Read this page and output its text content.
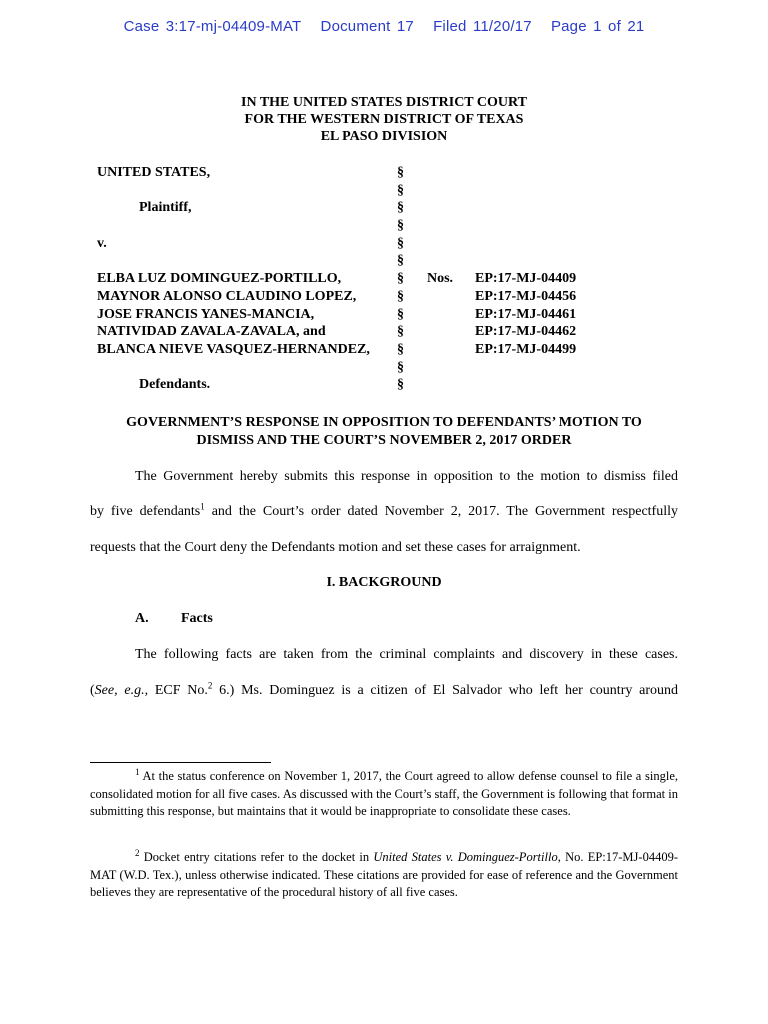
Case 3:17-mj-04409-MAT Document 17 Filed 11/20/17 Page 1 of 21
IN THE UNITED STATES DISTRICT COURT
FOR THE WESTERN DISTRICT OF TEXAS
EL PASO DIVISION
UNITED STATES,	§
§
Plaintiff,	§
§
v.	§
§
ELBA LUZ DOMINGUEZ-PORTILLO,	§ Nos. EP:17-MJ-04409
MAYNOR ALONSO CLAUDINO LOPEZ,	§	EP:17-MJ-04456
JOSE FRANCIS YANES-MANCIA,	§	EP:17-MJ-04461
NATIVIDAD ZAVALA-ZAVALA, and	§	EP:17-MJ-04462
BLANCA NIEVE VASQUEZ-HERNANDEZ, §	EP:17-MJ-04499
§
Defendants.	§
GOVERNMENT’S RESPONSE IN OPPOSITION TO DEFENDANTS’ MOTION TO
DISMISS AND THE COURT’S NOVEMBER 2, 2017 ORDER
The Government hereby submits this response in opposition to the motion to dismiss filed
by five defendants$^1$ and the Court’s order dated November 2, 2017. The Government respectfully
requests that the Court deny the Defendants motion and set these cases for arraignment.
I. BACKGROUND
A. Facts
The following facts are taken from the criminal complaints and discovery in these cases.
(See, e.g., ECF No.$^2$ 6.) Ms. Dominguez is a citizen of El Salvador who left her country around
$^1$ At the status conference on November 1, 2017, the Court agreed to allow defense counsel to file a single, consolidated motion for all five cases. As discussed with the Court’s staff, the Government is following that format in submitting this response, but maintains that it would be inappropriate to consolidate these cases.
$^2$ Docket entry citations refer to the docket in United States v. Dominguez-Portillo, No. EP:17-MJ-04409-MAT (W.D. Tex.), unless otherwise indicated. These citations are provided for ease of reference and the Government believes they are representative of the procedural history of all five cases.
